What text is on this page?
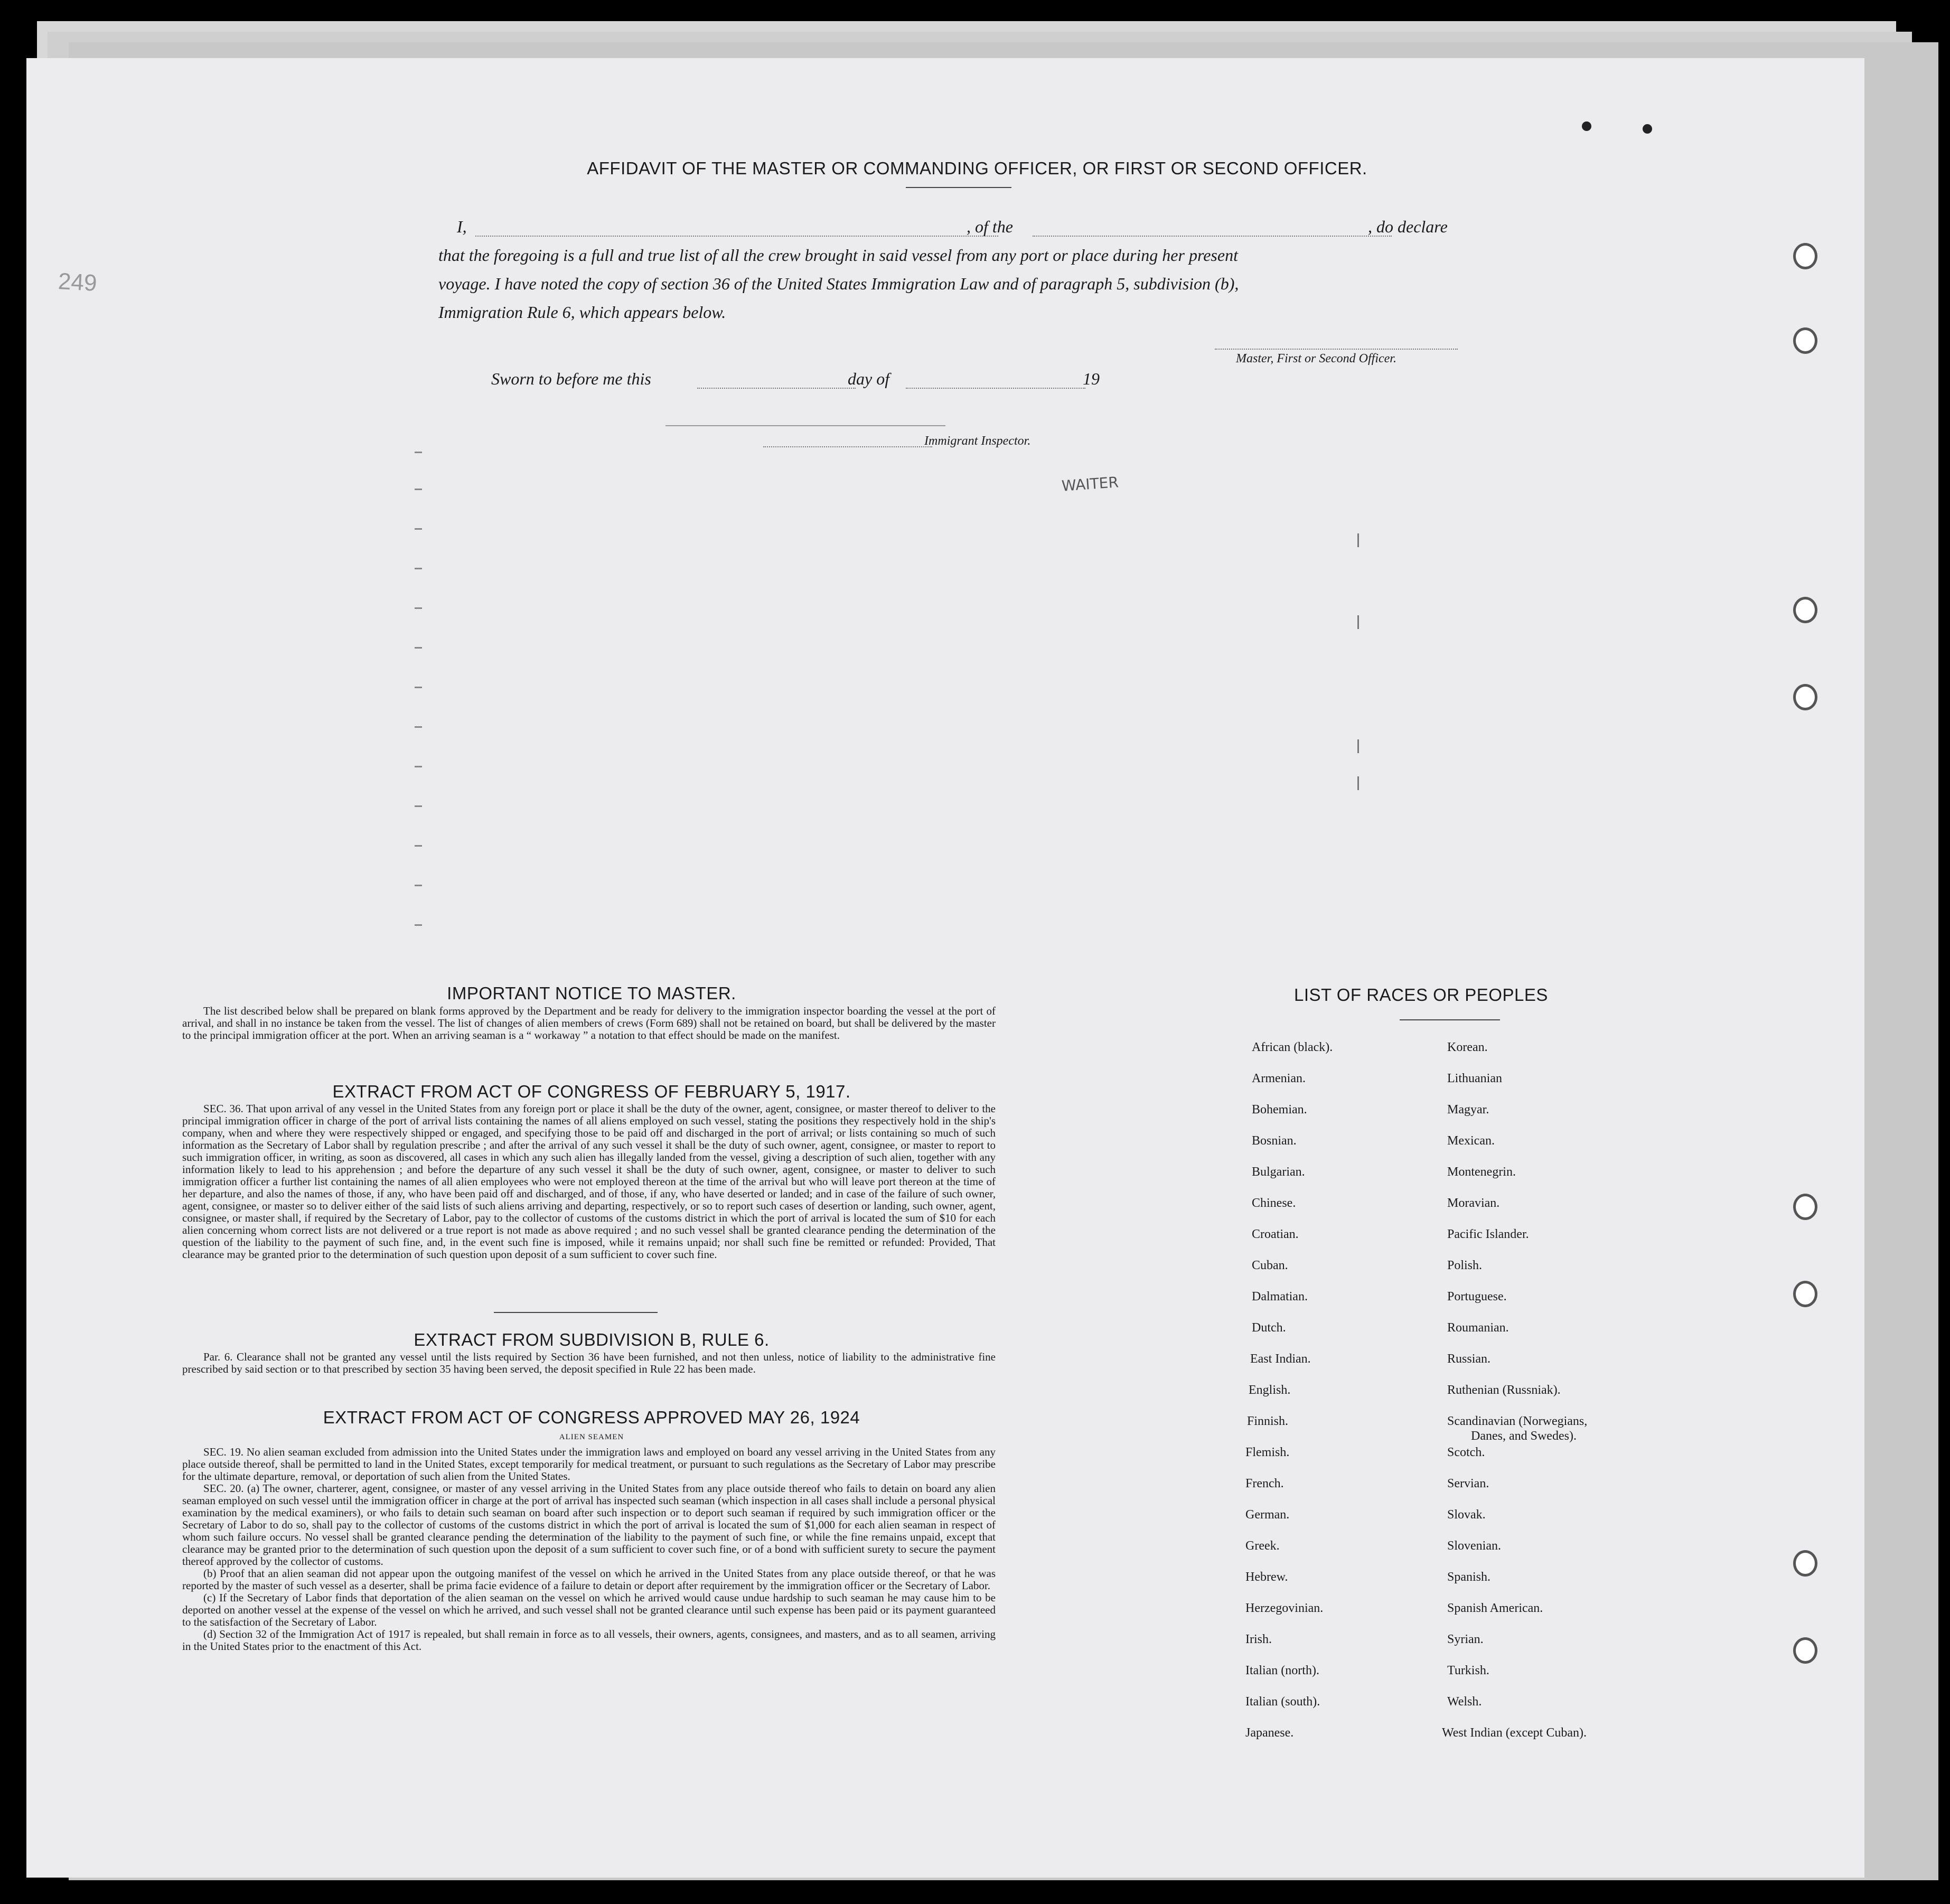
249
AFFIDAVIT OF THE MASTER OR COMMANDING OFFICER, OR FIRST OR SECOND OFFICER.
I,	, of the	, do declare
that the foregoing is a full and true list of all the crew brought in said vessel from any port or place during her present
voyage. I have noted the copy of section 36 of the United States Immigration Law and of paragraph 5, subdivision (b),
Immigration Rule 6, which appears below.
Master, First or Second Officer.
Sworn to before me this	day of	19
Immigrant Inspector.
WAITER
IMPORTANT NOTICE TO MASTER.
The list described below shall be prepared on blank forms approved by the Department and be ready for delivery to the immigration inspector boarding the vessel at the port of arrival, and shall in no instance be taken from the vessel. The list of changes of alien members of crews (Form 689) shall not be retained on board, but shall be delivered by the master to the principal immigration officer at the port. When an arriving seaman is a “ workaway ” a notation to that effect should be made on the manifest.
EXTRACT FROM ACT OF CONGRESS OF FEBRUARY 5, 1917.
SEC. 36. That upon arrival of any vessel in the United States from any foreign port or place it shall be the duty of the owner, agent, consignee, or master thereof to deliver to the principal immigration officer in charge of the port of arrival lists containing the names of all aliens employed on such vessel, stating the positions they respectively hold in the ship's company, when and where they were respectively shipped or engaged, and specifying those to be paid off and discharged in the port of arrival; or lists containing so much of such information as the Secretary of Labor shall by regulation prescribe ; and after the arrival of any such vessel it shall be the duty of such owner, agent, consignee, or master to report to such immigration officer, in writing, as soon as discovered, all cases in which any such alien has illegally landed from the vessel, giving a description of such alien, together with any information likely to lead to his apprehension ; and before the departure of any such vessel it shall be the duty of such owner, agent, consignee, or master to deliver to such immigration officer a further list containing the names of all alien employees who were not employed thereon at the time of the arrival but who will leave port thereon at the time of her departure, and also the names of those, if any, who have been paid off and discharged, and of those, if any, who have deserted or landed; and in case of the failure of such owner, agent, consignee, or master so to deliver either of the said lists of such aliens arriving and departing, respectively, or so to report such cases of desertion or landing, such owner, agent, consignee, or master shall, if required by the Secretary of Labor, pay to the collector of customs of the customs district in which the port of arrival is located the sum of $10 for each alien concerning whom correct lists are not delivered or a true report is not made as above required ; and no such vessel shall be granted clearance pending the determination of the question of the liability to the payment of such fine, and, in the event such fine is imposed, while it remains unpaid; nor shall such fine be remitted or refunded: Provided, That clearance may be granted prior to the determination of such question upon deposit of a sum sufficient to cover such fine.
EXTRACT FROM SUBDIVISION B, RULE 6.
Par. 6. Clearance shall not be granted any vessel until the lists required by Section 36 have been furnished, and not then unless, notice of liability to the administrative fine prescribed by said section or to that prescribed by section 35 having been served, the deposit specified in Rule 22 has been made.
EXTRACT FROM ACT OF CONGRESS APPROVED MAY 26, 1924
ALIEN SEAMEN
SEC. 19. No alien seaman excluded from admission into the United States under the immigration laws and employed on board any vessel arriving in the United States from any place outside thereof, shall be permitted to land in the United States, except temporarily for medical treatment, or pursuant to such regulations as the Secretary of Labor may prescribe for the ultimate departure, removal, or deportation of such alien from the United States.
SEC. 20. (a) The owner, charterer, agent, consignee, or master of any vessel arriving in the United States from any place outside thereof who fails to detain on board any alien seaman employed on such vessel until the immigration officer in charge at the port of arrival has inspected such seaman (which inspection in all cases shall include a personal physical examination by the medical examiners), or who fails to detain such seaman on board after such inspection or to deport such seaman if required by such immigration officer or the Secretary of Labor to do so, shall pay to the collector of customs of the customs district in which the port of arrival is located the sum of $1,000 for each alien seaman in respect of whom such failure occurs. No vessel shall be granted clearance pending the determination of the liability to the payment of such fine, or while the fine remains unpaid, except that clearance may be granted prior to the determination of such question upon the deposit of a sum sufficient to cover such fine, or of a bond with sufficient surety to secure the payment thereof approved by the collector of customs.
(b) Proof that an alien seaman did not appear upon the outgoing manifest of the vessel on which he arrived in the United States from any place outside thereof, or that he was reported by the master of such vessel as a deserter, shall be prima facie evidence of a failure to detain or deport after requirement by the immigration officer or the Secretary of Labor.
(c) If the Secretary of Labor finds that deportation of the alien seaman on the vessel on which he arrived would cause undue hardship to such seaman he may cause him to be deported on another vessel at the expense of the vessel on which he arrived, and such vessel shall not be granted clearance until such expense has been paid or its payment guaranteed to the satisfaction of the Secretary of Labor.
(d) Section 32 of the Immigration Act of 1917 is repealed, but shall remain in force as to all vessels, their owners, agents, consignees, and masters, and as to all seamen, arriving in the United States prior to the enactment of this Act.
LIST OF RACES OR PEOPLES
African (black).
Armenian.
Bohemian.
Bosnian.
Bulgarian.
Chinese.
Croatian.
Cuban.
Dalmatian.
Dutch.
East Indian.
English.
Finnish.
Flemish.
French.
German.
Greek.
Hebrew.
Herzegovinian.
Irish.
Italian (north).
Italian (south).
Japanese.
Korean.
Lithuanian
Magyar.
Mexican.
Montenegrin.
Moravian.
Pacific Islander.
Polish.
Portuguese.
Roumanian.
Russian.
Ruthenian (Russniak).
Scandinavian (Norwegians,
Danes, and Swedes).
Scotch.
Servian.
Slovak.
Slovenian.
Spanish.
Spanish American.
Syrian.
Turkish.
Welsh.
West Indian (except Cuban).
